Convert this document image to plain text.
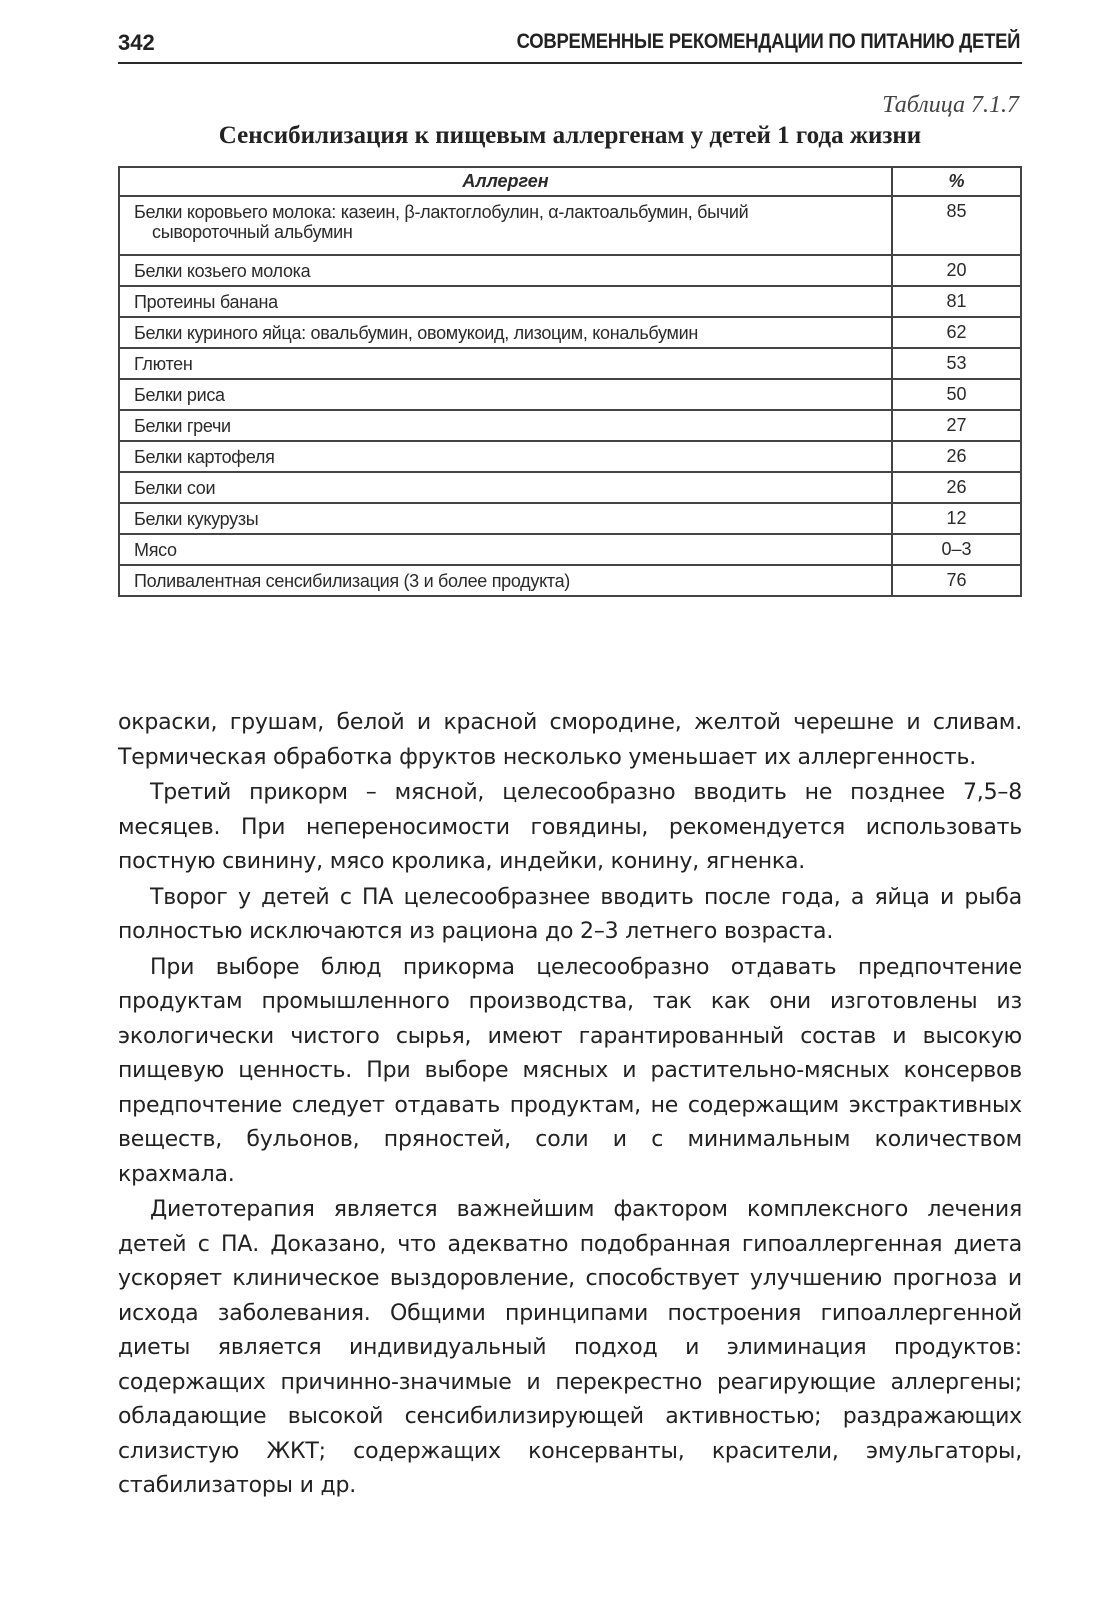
342	СОВРЕМЕННЫЕ РЕКОМЕНДАЦИИ ПО ПИТАНИЮ ДЕТЕЙ
Таблица 7.1.7
Сенсибилизация к пищевым аллергенам у детей 1 года жизни
Аллерген	%
Белки коровьего молока: казеин, β-лактоглобулин, α-лактоальбумин, бычий
сывороточный альбумин	85
Белки козьего молока	20
Протеины банана	81
Белки куриного яйца: овальбумин, овомукоид, лизоцим, кональбумин	62
Глютен	53
Белки риса	50
Белки гречи	27
Белки картофеля	26
Белки сои	26
Белки кукурузы	12
Мясо	0–3
Поливалентная сенсибилизация (3 и более продукта)	76

окраски, грушам, белой и красной смородине, желтой черешне и сливам. Термическая обработка фруктов несколько уменьшает их аллергенность.

Третий прикорм – мясной, целесообразно вводить не позднее 7,5–8 месяцев. При непереносимости говядины, рекомендуется использовать постную свинину, мясо кролика, индейки, конину, ягненка.

Творог у детей с ПА целесообразнее вводить после года, а яйца и рыба полностью исключаются из рациона до 2–3 летнего возраста.

При выборе блюд прикорма целесообразно отдавать предпочтение продуктам промышленного производства, так как они изготовлены из экологически чистого сырья, имеют гарантированный состав и высокую пищевую ценность. При выборе мясных и растительно-мясных консервов предпочтение следует отдавать продуктам, не содержащим экстрактивных веществ, бульонов, пряностей, соли и с минимальным количеством крахмала.

Диетотерапия является важнейшим фактором комплексного лечения детей с ПА. Доказано, что адекватно подобранная гипоаллергенная диета ускоряет клиническое выздоровление, способствует улучшению прогноза и исхода заболевания. Общими принципами построения гипоаллергенной диеты является индивидуальный подход и элиминация продуктов: содержащих причинно-значимые и перекрестно реагирующие аллергены; обладающие высокой сенсибилизирующей активностью; раздражающих слизистую ЖКТ; содержащих консерванты, красители, эмульгаторы, стабилизаторы и др.
